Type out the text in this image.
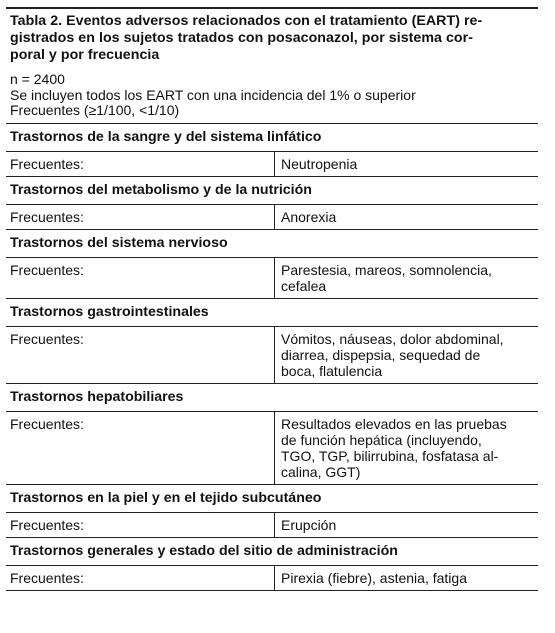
Tabla 2. Eventos adversos relacionados con el tratamiento (EART) re-
gistrados en los sujetos tratados con posaconazol, por sistema cor-
poral y por frecuencia
n = 2400
Se incluyen todos los EART con una incidencia del 1% o superior
Frecuentes (≥1/100, <1/10)
Trastornos de la sangre y del sistema linfático
Frecuentes:	Neutropenia
Trastornos del metabolismo y de la nutrición
Frecuentes:	Anorexia
Trastornos del sistema nervioso
Frecuentes:	Parestesia, mareos, somnolencia,
cefalea
Trastornos gastrointestinales
Frecuentes:	Vómitos, náuseas, dolor abdominal,
diarrea, dispepsia, sequedad de
boca, flatulencia
Trastornos hepatobiliares
Frecuentes:	Resultados elevados en las pruebas
de función hepática (incluyendo,
TGO, TGP, bilirrubina, fosfatasa al-
calina, GGT)
Trastornos en la piel y en el tejido subcutáneo
Frecuentes:	Erupción
Trastornos generales y estado del sitio de administración
Frecuentes:	Pirexia (fiebre), astenia, fatiga
